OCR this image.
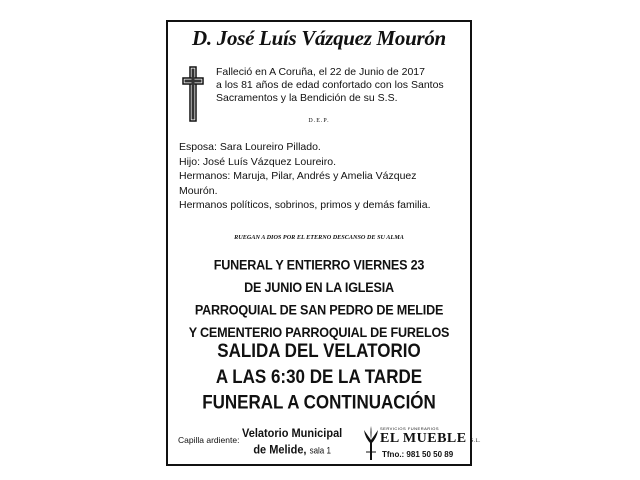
D. José Luís Vázquez Mourón
Falleció en A Coruña, el 22 de Junio de 2017
a los 81 años de edad confortado con los Santos
Sacramentos y la Bendición de su S.S.
D.E.P.
Esposa: Sara Loureiro Pillado.
Hijo: José Luís Vázquez Loureiro.
Hermanos: Maruja, Pilar, Andrés y Amelia Vázquez
Mourón.
Hermanos políticos, sobrinos, primos y demás familia.
RUEGAN A DIOS POR EL ETERNO DESCANSO DE SU ALMA
FUNERAL Y ENTIERRO VIERNES 23
DE JUNIO EN LA IGLESIA
PARROQUIAL DE SAN PEDRO DE MELIDE
Y CEMENTERIO PARROQUIAL DE FURELOS
SALIDA DEL VELATORIO
A LAS 6:30 DE LA TARDE
FUNERAL A CONTINUACIÓN
Capilla ardiente: Velatorio Municipal
de Melide, sala 1
SERVICIOS FUNERARIOS
EL MUEBLE S.L.
Tfno.: 981 50 50 89
